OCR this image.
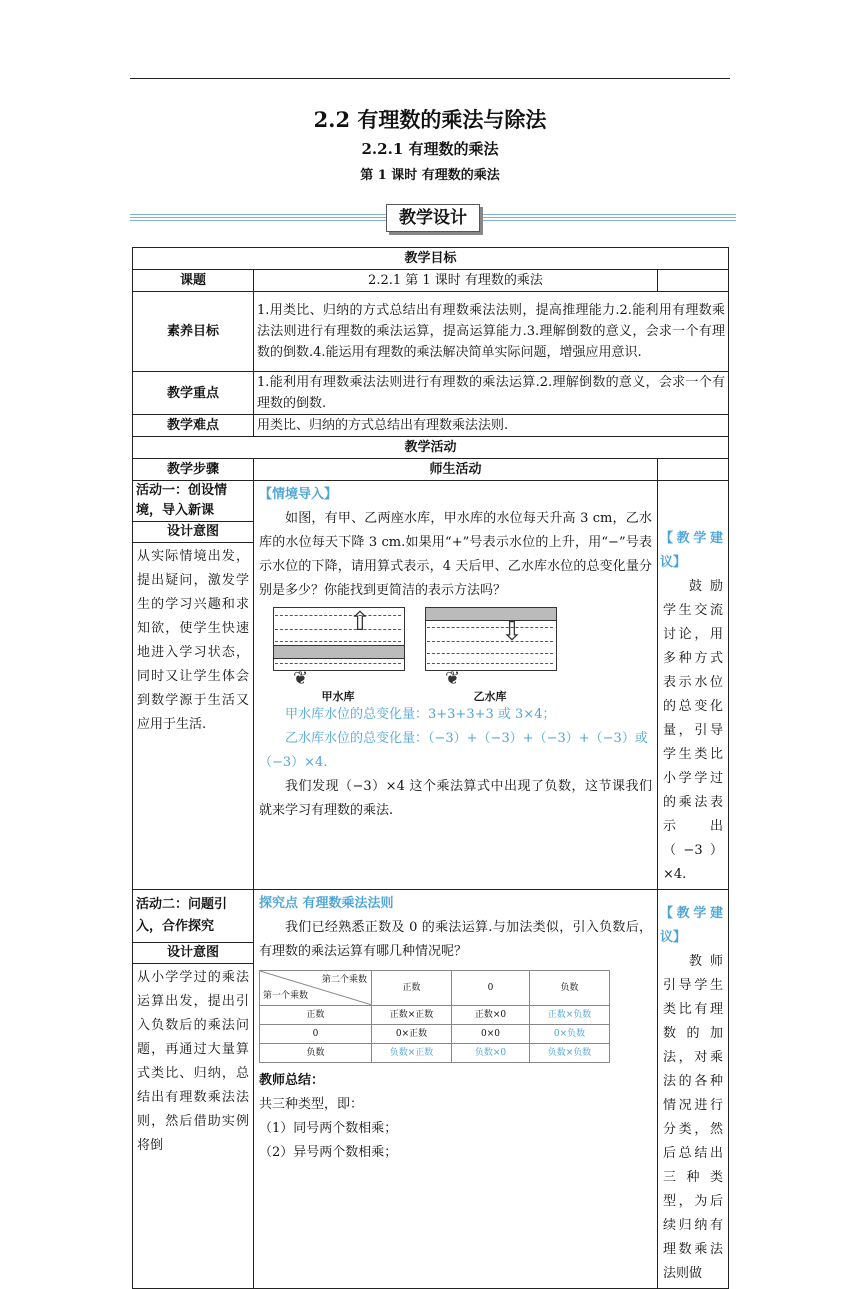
2.2 有理数的乘法与除法
2.2.1 有理数的乘法
第 1 课时 有理数的乘法
教学设计
教学目标
课题	2.2.1 第 1 课时 有理数的乘法	
素养目标	1.用类比、归纳的方式总结出有理数乘法法则，提高推理能力.2.能利用有理数乘法法则进行有理数的乘法运算，提高运算能力.3.理解倒数的意义，会求一个有理数的倒数.4.能运用有理数的乘法解决简单实际问题，增强应用意识.
教学重点	1.能利用有理数乘法法则进行有理数的乘法运算.2.理解倒数的意义，会求一个有理数的倒数.
教学难点	用类比、归纳的方式总结出有理数乘法法则.
教学活动
教学步骤	师生活动	

活动一：创设情境，导入新课
设计意图
从实际情境出发，提出疑问，激发学生的学习兴趣和求知欲，使学生快速地进入学习状态，同时又让学生体会到数学源于生活又应用于生活.

【情境导入】
如图，有甲、乙两座水库，甲水库的水位每天升高 3 cm，乙水库的水位每天下降 3 cm.如果用“+”号表示水位的上升，用“−”号表示水位的下降，请用算式表示，4 天后甲、乙水库水位的总变化量分别是多少？你能找到更简洁的表示方法吗？
⇧
❦
甲水库
⇩
❦
乙水库
甲水库水位的总变化量：3+3+3+3 或 3×4；
乙水库水位的总变化量：（−3）+（−3）+（−3）+（−3）或（−3）×4.
我们发现（−3）×4 这个乘法算式中出现了负数，这节课我们就来学习有理数的乘法.

【教学建议】
鼓励学生交流讨论，用多种方式表示水位的总变化量，引导学生类比小学学过的乘法表示出（−3）×4.

活动二：问题引入，合作探究
设计意图
从小学学过的乘法运算出发，提出引入负数后的乘法问题，再通过大量算式类比、归纳，总结出有理数乘法法则，然后借助实例将倒

探究点 有理数乘法法则
我们已经熟悉正数及 0 的乘法运算.与加法类似，引入负数后，有理数的乘法运算有哪几种情况呢？
第二个乘数
第一个乘数
	正数	0	负数
正数	正数×正数	正数×0	正数×负数
0	0×正数	0×0	0×负数
负数	负数×正数	负数×0	负数×负数
教师总结：
共三种类型，即：
（1）同号两个数相乘；
（2）异号两个数相乘；

【教学建议】
教师引导学生类比有理数的加法，对乘法的各种情况进行分类，然后总结出三种类型，为后续归纳有理数乘法法则做
